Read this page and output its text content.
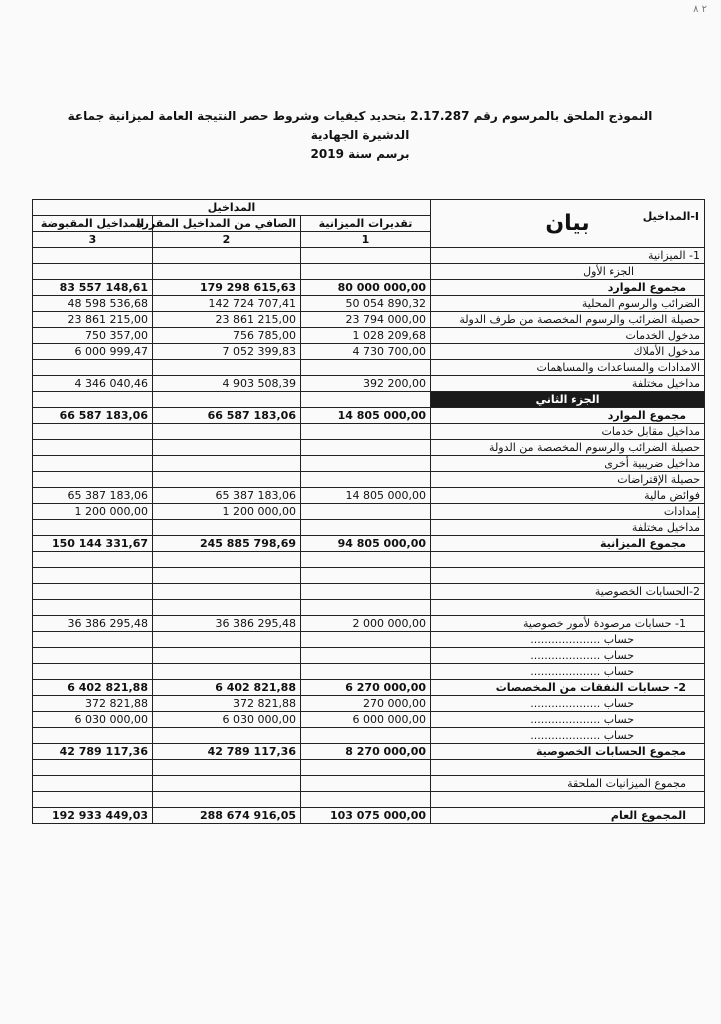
٢ ٨
النموذج الملحق بالمرسوم رقم 2.17.287 بتحديد كيفيات وشروط حصر النتيجة العامة لميزانية جماعة الدشيرة الجهادية
برسم سنة 2019
I-المداخيل
المداخيل			بيان
المداخيل المقبوضة	الصافي من المداخيل المقررة	تقديرات الميزانية	
3	2	1	
			1- الميزانية
			الجزء الأول
83 557 148,61	179 298 615,63	80 000 000,00	مجموع الموارد
48 598 536,68	142 724 707,41	50 054 890,32	الضرائب والرسوم المحلية
23 861 215,00	23 861 215,00	23 794 000,00	حصيلة الضرائب والرسوم المخصصة من طرف الدولة
750 357,00	756 785,00	1 028 209,68	مدخول الخدمات
6 000 999,47	7 052 399,83	4 730 700,00	مدخول الأملاك
			الامدادات والمساعدات والمساهمات
4 346 040,46	4 903 508,39	392 200,00	مداخيل مختلفة
			الجزء الثاني
66 587 183,06	66 587 183,06	14 805 000,00	مجموع الموارد
			مداخيل مقابل خدمات
			حصيلة الضرائب والرسوم المخصصة من الدولة
			مداخيل ضريبية أخرى
			حصيلة الإقتراضات
65 387 183,06	65 387 183,06	14 805 000,00	فوائض مالية
1 200 000,00	1 200 000,00		إمدادات
			مداخيل مختلفة
150 144 331,67	245 885 798,69	94 805 000,00	مجموع الميزانية

			2-الحسابات الخصوصية

36 386 295,48	36 386 295,48	2 000 000,00	1- حسابات مرصودة لأمور خصوصية
			حساب ....................
			حساب ....................
			حساب ....................
6 402 821,88	6 402 821,88	6 270 000,00	2- حسابات النفقات من المخصصات
372 821,88	372 821,88	270 000,00	حساب ....................
6 030 000,00	6 030 000,00	6 000 000,00	حساب ....................
			حساب ....................
42 789 117,36	42 789 117,36	8 270 000,00	مجموع الحسابات الخصوصية

			مجموع الميزانيات الملحقة

192 933 449,03	288 674 916,05	103 075 000,00	المجموع العام
